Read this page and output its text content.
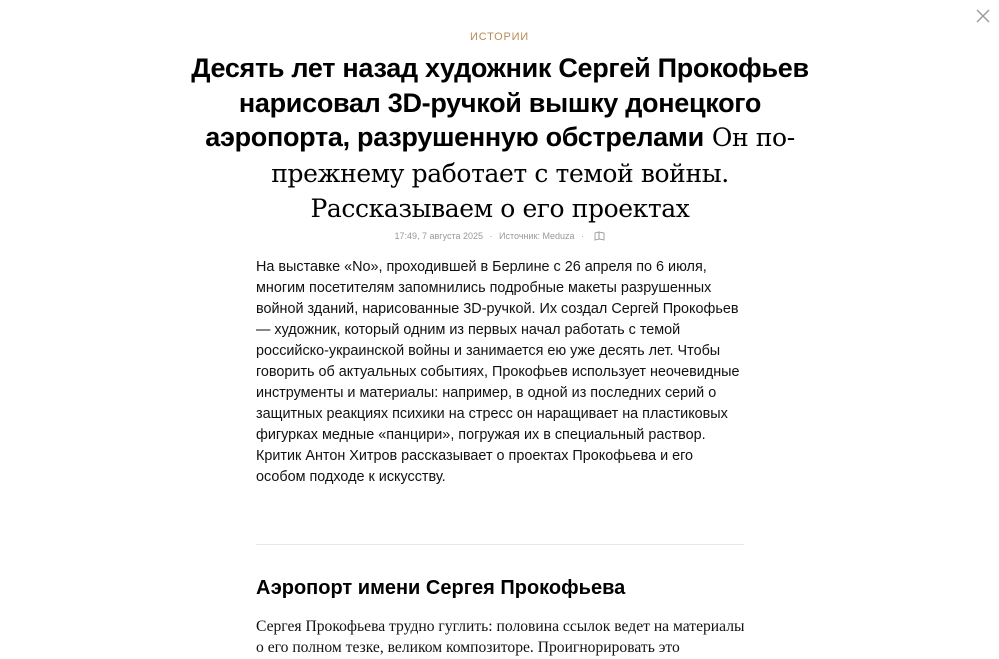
ИСТОРИИ
Десять лет назад художник Сергей Прокофьев нарисовал 3D-ручкой вышку донецкого аэропорта, разрушенную обстрелами Он по-прежнему работает с темой войны. Рассказываем о его проектах
17:49, 7 августа 2025 · Источник: Meduza ·

На выставке «No», проходившей в Берлине с 26 апреля по 6 июля, многим посетителям запомнились подробные макеты разрушенных войной зданий, нарисованные 3D-ручкой. Их создал Сергей Прокофьев — художник, который одним из первых начал работать с темой российско-украинской войны и занимается ею уже десять лет. Чтобы говорить об актуальных событиях, Прокофьев использует неочевидные инструменты и материалы: например, в одной из последних серий о защитных реакциях психики на стресс он наращивает на пластиковых фигурках медные «панцири», погружая их в специальный раствор. Критик Антон Хитров рассказывает о проектах Прокофьева и его особом подходе к искусству.

Аэропорт имени Сергея Прокофьева

Сергея Прокофьева трудно гуглить: половина ссылок ведет на материалы о его полном тезке, великом композиторе. Проигнорировать это
